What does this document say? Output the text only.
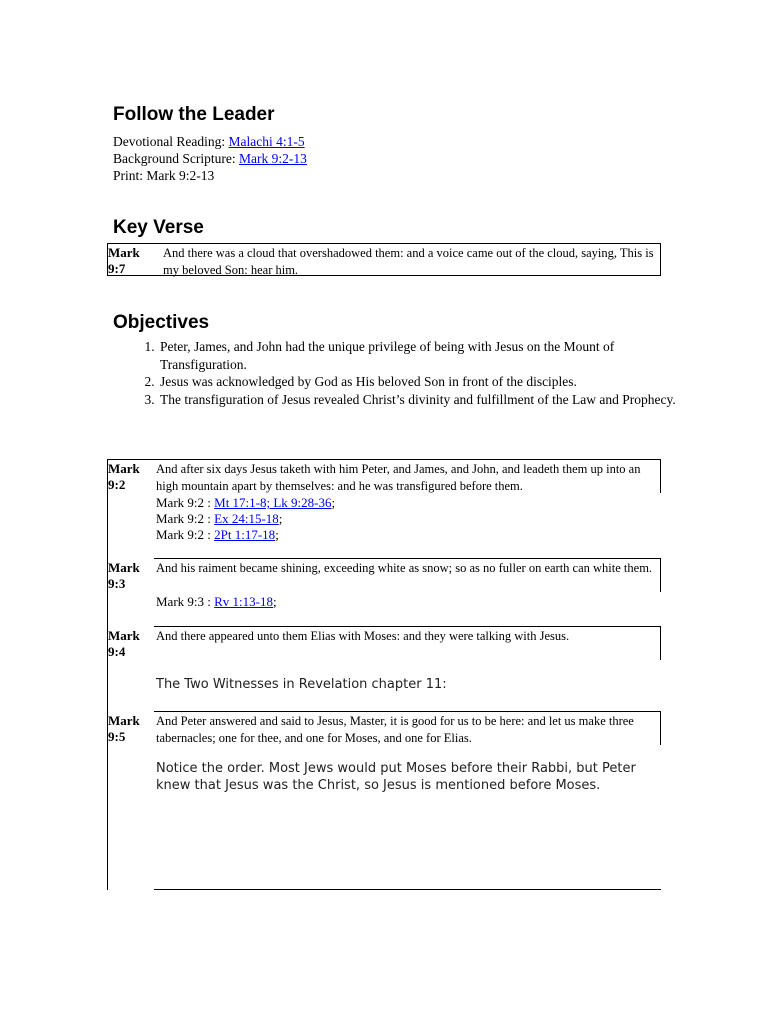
Follow the Leader
Devotional Reading: Malachi 4:1-5
Background Scripture: Mark 9:2-13
Print: Mark 9:2-13
Key Verse
Mark
9:7
And there was a cloud that overshadowed them: and a voice came out of the cloud, saying, This is my beloved Son: hear him.
Objectives
1. Peter, James, and John had the unique privilege of being with Jesus on the Mount of Transfiguration.
2. Jesus was acknowledged by God as His beloved Son in front of the disciples.
3. The transfiguration of Jesus revealed Christ’s divinity and fulfillment of the Law and Prophecy.
Mark
9:2
And after six days Jesus taketh with him Peter, and James, and John, and leadeth them up into an high mountain apart by themselves: and he was transfigured before them.
Mark 9:2 : Mt 17:1-8; Lk 9:28-36;
Mark 9:2 : Ex 24:15-18;
Mark 9:2 : 2Pt 1:17-18;
Mark
9:3
And his raiment became shining, exceeding white as snow; so as no fuller on earth can white them.
Mark 9:3 : Rv 1:13-18;
Mark
9:4
And there appeared unto them Elias with Moses: and they were talking with Jesus.
The Two Witnesses in Revelation chapter 11:
Mark
9:5
And Peter answered and said to Jesus, Master, it is good for us to be here: and let us make three tabernacles; one for thee, and one for Moses, and one for Elias.
Notice the order. Most Jews would put Moses before their Rabbi, but Peter knew that Jesus was the Christ, so Jesus is mentioned before Moses.
